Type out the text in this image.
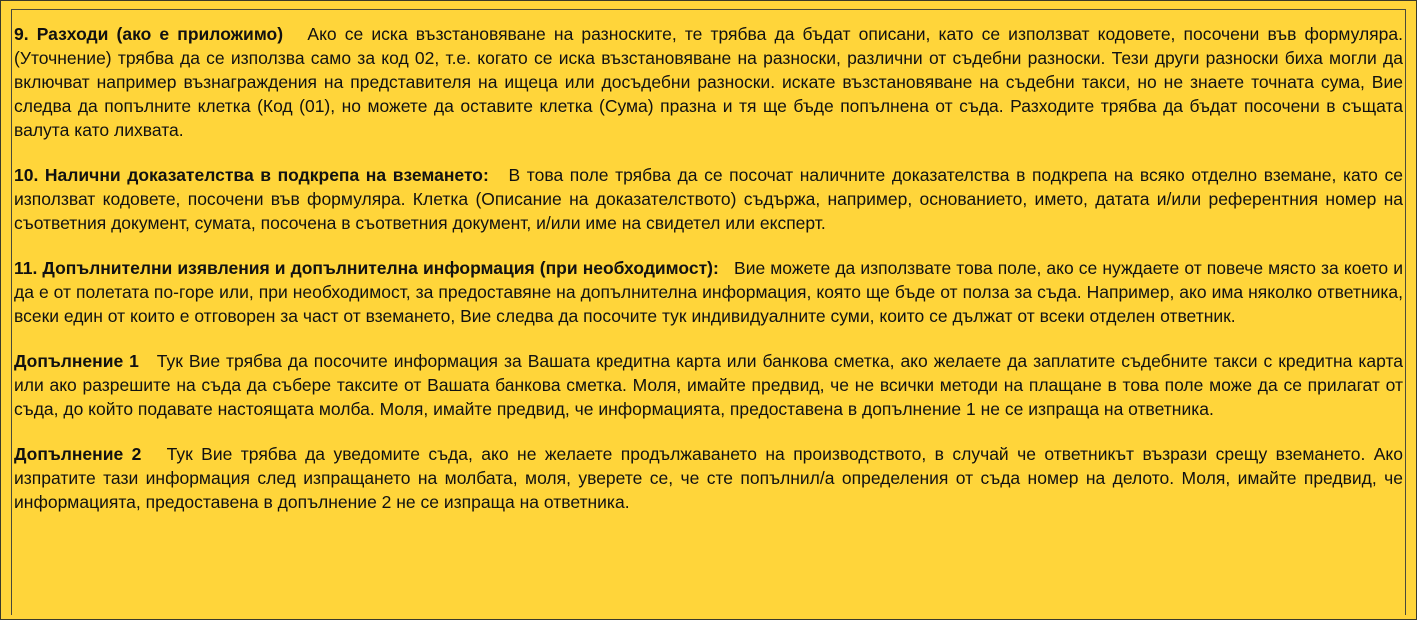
9. Разходи (ако е приложимо) Ако се иска възстановяване на разноските, те трябва да бъдат описани, като се използват кодовете, посочени във формуляра. (Уточнение) трябва да се използва само за код 02, т.е. когато се иска възстановяване на разноски, различни от съдебни разноски. Тези други разноски биха могли да включват например възнаграждения на представителя на ищеца или досъдебни разноски. искате възстановяване на съдебни такси, но не знаете точната сума, Вие следва да попълните клетка (Код (01), но можете да оставите клетка (Сума) празна и тя ще бъде попълнена от съда. Разходите трябва да бъдат посочени в същата валута като лихвата.

10. Налични доказателства в подкрепа на вземането: В това поле трябва да се посочат наличните доказателства в подкрепа на всяко отделно вземане, като се използват кодовете, посочени във формуляра. Клетка (Описание на доказателството) съдържа, например, основанието, името, датата и/или референтния номер на съответния документ, сумата, посочена в съответния документ, и/или име на свидетел или експерт.

11. Допълнителни изявления и допълнителна информация (при необходимост): Вие можете да използвате това поле, ако се нуждаете от повече място за което и да е от полетата по-горе или, при необходимост, за предоставяне на допълнителна информация, която ще бъде от полза за съда. Например, ако има няколко ответника, всеки един от които е отговорен за част от вземането, Вие следва да посочите тук индивидуалните суми, които се дължат от всеки отделен ответник.

Допълнение 1 Тук Вие трябва да посочите информация за Вашата кредитна карта или банкова сметка, ако желаете да заплатите съдебните такси с кредитна карта или ако разрешите на съда да събере таксите от Вашата банкова сметка. Моля, имайте предвид, че не всички методи на плащане в това поле може да се прилагат от съда, до който подавате настоящата молба. Моля, имайте предвид, че информацията, предоставена в допълнение 1 не се изпраща на ответника.

Допълнение 2 Тук Вие трябва да уведомите съда, ако не желаете продължаването на производството, в случай че ответникът възрази срещу вземането. Ако изпратите тази информация след изпращането на молбата, моля, уверете се, че сте попълнил/а определения от съда номер на делото. Моля, имайте предвид, че информацията, предоставена в допълнение 2 не се изпраща на ответника.
